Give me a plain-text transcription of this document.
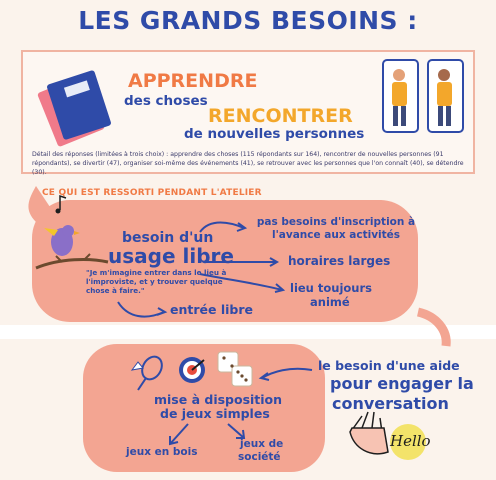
LES GRANDS BESOINS :
APPRENDRE
des choses
RENCONTRER
de nouvelles personnes
Détail des réponses (limitées à trois choix) : apprendre des choses (115 répondants sur 164), rencontrer de nouvelles personnes (91 répondants), se divertir (47), organiser soi-même des événements (41), se retrouver avec les personnes que l'on connaît (40), se détendre (30).
CE QUI EST RESSORTI PENDANT L'ATELIER
besoin d'un
usage libre
"Je m'imagine entrer dans le lieu à l'improviste, et y trouver quelque chose à faire."
entrée libre
pas besoins d'inscription à l'avance aux activités
horaires larges
lieu toujours
animé
mise à disposition
de jeux simples
jeux en bois
jeux de
société
le besoin d'une aide
pour engager la
conversation
Hello
